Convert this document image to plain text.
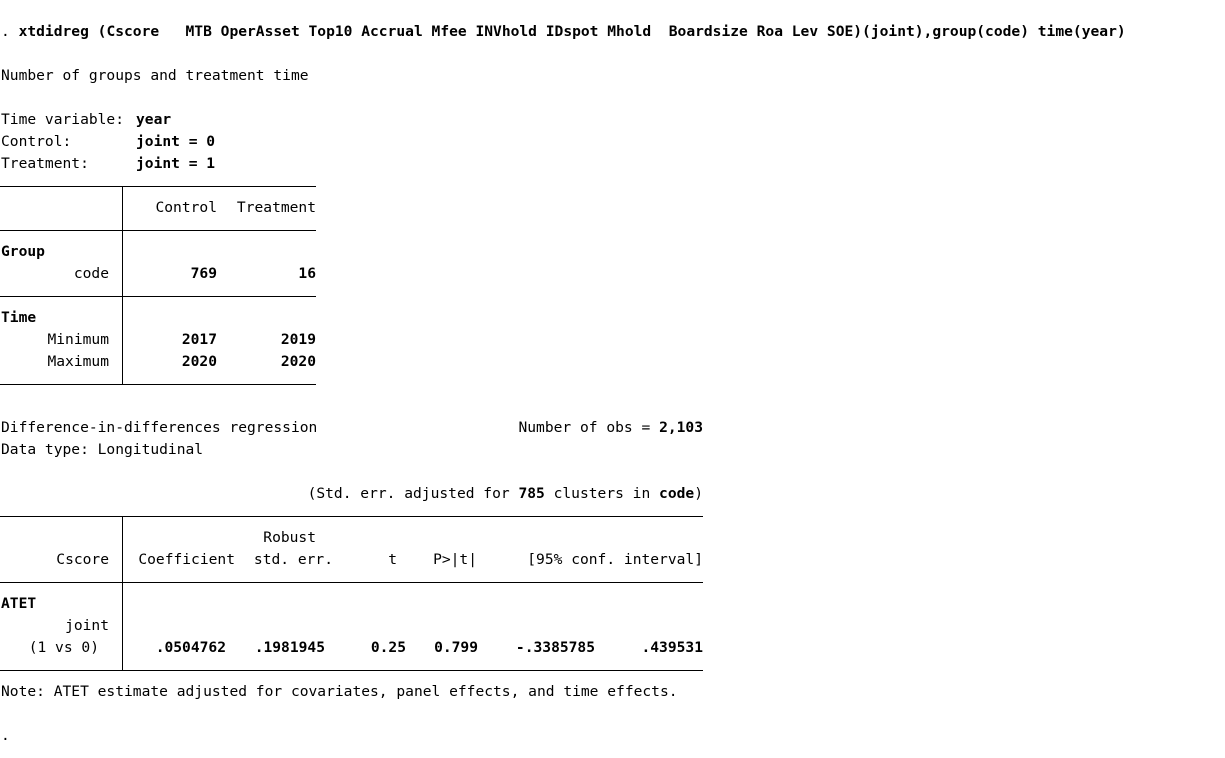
. xtdidreg (Cscore   MTB OperAsset Top10 Accrual Mfee INVhold IDspot Mhold  Boardsize Roa Lev SOE)(joint),group(code) time(year)
Number of groups and treatment time
Time variable: year
Control:	joint = 0
Treatment:	joint = 1
Control	Treatment
Group
code	769	16
Time
Minimum	2017	2019
Maximum	2020	2020
Difference-in-differences regression	Number of obs = 2,103
Data type: Longitudinal
(Std. err. adjusted for 785 clusters in code)
Robust
Cscore	Coefficient	std. err.	t	P>|t|	[95% conf. interval]
ATET
joint
(1 vs 0)	.0504762	.1981945	0.25	0.799	-.3385785	.439531
Note: ATET estimate adjusted for covariates, panel effects, and time effects.
.
